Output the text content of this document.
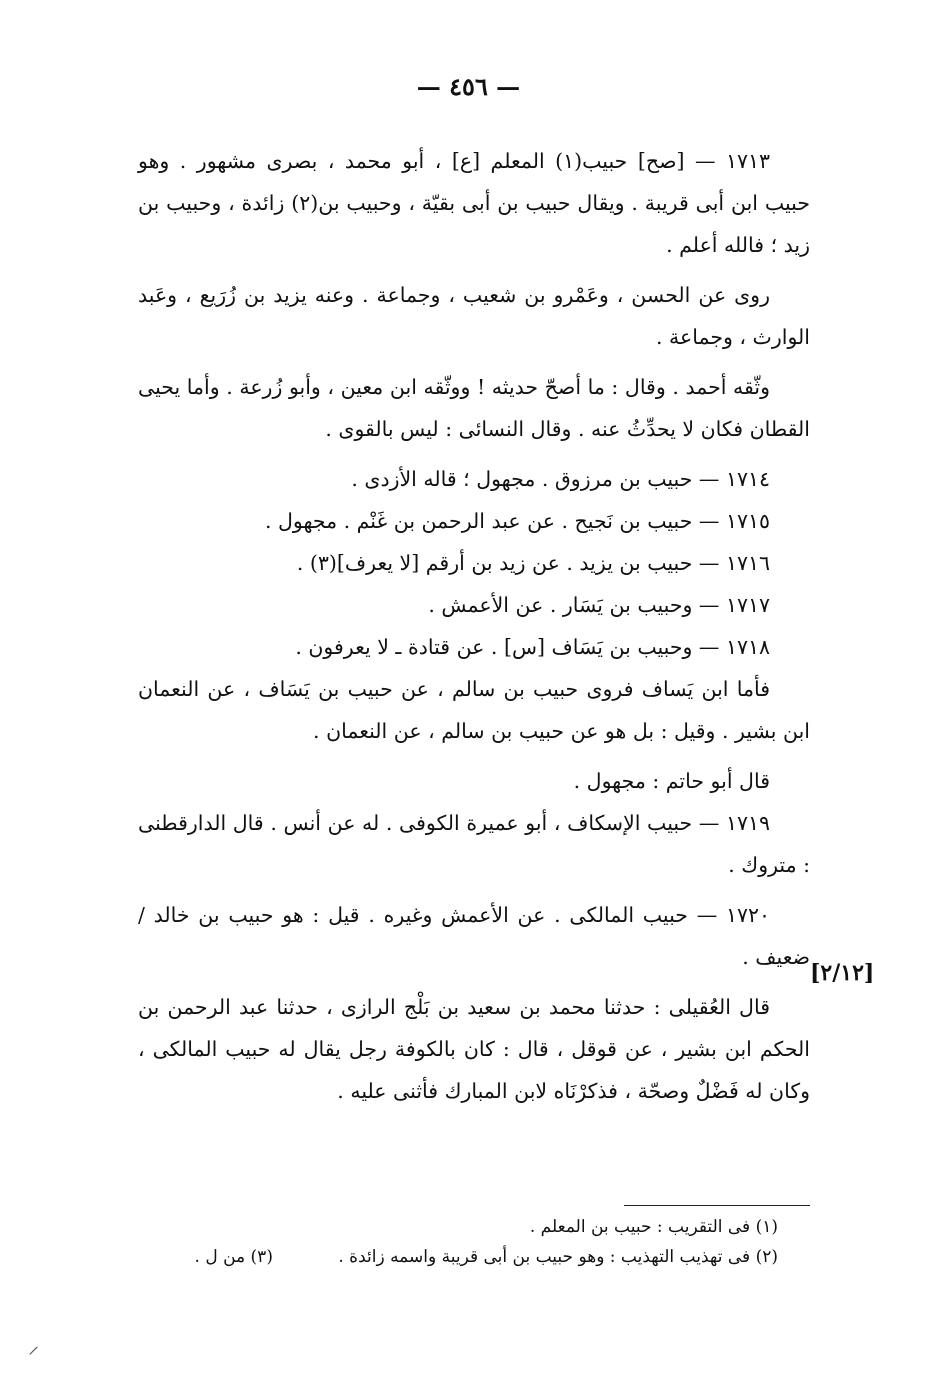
— ٤٥٦ —
[٢/١٢]

١٧١٣ — [صح] حبيب(١) المعلم [ع] ، أبو محمد ، بصرى مشهور . وهو حبيب ابن أبى قريبة . ويقال حبيب بن أبى بقيّة ، وحبيب بن(٢) زائدة ، وحبيب بن زيد ؛ فالله أعلم .

روى عن الحسن ، وعَمْرو بن شعيب ، وجماعة . وعنه يزيد بن زُرَيع ، وعَبد الوارث ، وجماعة .

وثّقه أحمد . وقال : ما أصحّ حديثه ! ووثّقه ابن معين ، وأبو زُرعة . وأما يحيى القطان فكان لا يحدِّثُ عنه . وقال النسائى : ليس بالقوى .

١٧١٤ — حبيب بن مرزوق . مجهول ؛ قاله الأزدى .

١٧١٥ — حبيب بن نَجيح . عن عبد الرحمن بن غَنْم . مجهول .

١٧١٦ — حبيب بن يزيد . عن زيد بن أرقم [لا يعرف](٣) .

١٧١٧ — وحبيب بن يَسَار . عن الأعمش .

١٧١٨ — وحبيب بن يَسَاف [س] . عن قتادة ـ لا يعرفون .

فأما ابن يَساف فروى حبيب بن سالم ، عن حبيب بن يَسَاف ، عن النعمان ابن بشير . وقيل : بل هو عن حبيب بن سالم ، عن النعمان .

قال أبو حاتم : مجهول .

١٧١٩ — حبيب الإسكاف ، أبو عميرة الكوفى . له عن أنس . قال الدارقطنى : متروك .

١٧٢٠ — حبيب المالكى . عن الأعمش وغيره . قيل : هو حبيب بن خالد / ضعيف .

قال العُقيلى : حدثنا محمد بن سعيد بن بَلْج الرازى ، حدثنا عبد الرحمن بن الحكم ابن بشير ، عن قوقل ، قال : كان بالكوفة رجل يقال له حبيب المالكى ، وكان له فَضْلٌ وصحّة ، فذكرْنَاه لابن المبارك فأثنى عليه .

(١) فى التقريب : حبيب بن المعلم .

(٢) فى تهذيب التهذيب : وهو حبيب بن أبى قريبة واسمه زائدة . (٣) من ل .

⸝
